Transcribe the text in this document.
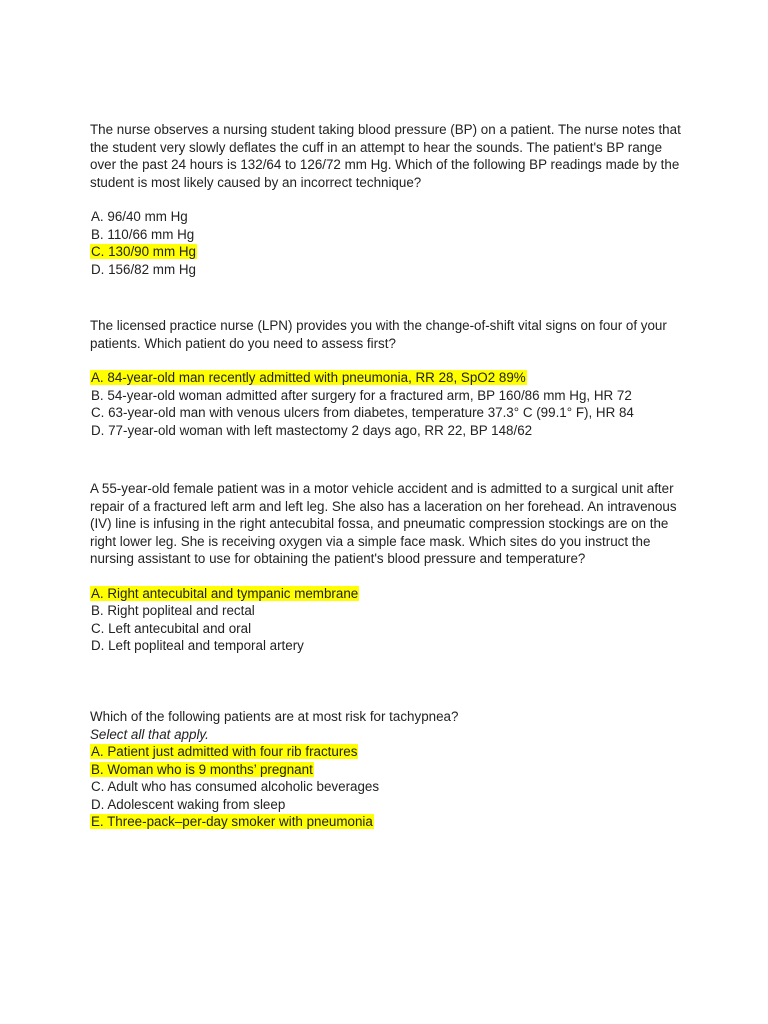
The nurse observes a nursing student taking blood pressure (BP) on a patient. The nurse notes that the student very slowly deflates the cuff in an attempt to hear the sounds. The patient's BP range over the past 24 hours is 132/64 to 126/72 mm Hg. Which of the following BP readings made by the student is most likely caused by an incorrect technique?

A. 96/40 mm Hg
B. 110/66 mm Hg
C. 130/90 mm Hg
D. 156/82 mm Hg

The licensed practice nurse (LPN) provides you with the change-of-shift vital signs on four of your patients. Which patient do you need to assess first?

A. 84-year-old man recently admitted with pneumonia, RR 28, SpO2 89%
B. 54-year-old woman admitted after surgery for a fractured arm, BP 160/86 mm Hg, HR 72
C. 63-year-old man with venous ulcers from diabetes, temperature 37.3° C (99.1° F), HR 84
D. 77-year-old woman with left mastectomy 2 days ago, RR 22, BP 148/62

A 55-year-old female patient was in a motor vehicle accident and is admitted to a surgical unit after repair of a fractured left arm and left leg. She also has a laceration on her forehead. An intravenous (IV) line is infusing in the right antecubital fossa, and pneumatic compression stockings are on the right lower leg. She is receiving oxygen via a simple face mask. Which sites do you instruct the nursing assistant to use for obtaining the patient's blood pressure and temperature?

A. Right antecubital and tympanic membrane
B. Right popliteal and rectal
C. Left antecubital and oral
D. Left popliteal and temporal artery

Which of the following patients are at most risk for tachypnea?

Select all that apply.

A. Patient just admitted with four rib fractures
B. Woman who is 9 months’ pregnant
C. Adult who has consumed alcoholic beverages
D. Adolescent waking from sleep
E. Three-pack–per-day smoker with pneumonia
